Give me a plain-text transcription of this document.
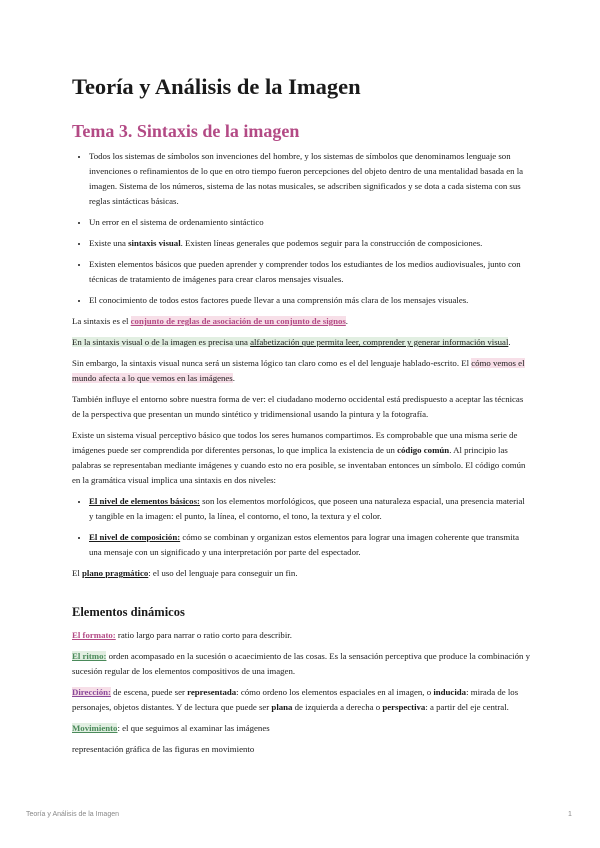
Teoría y Análisis de la Imagen
Tema 3. Sintaxis de la imagen
• Todos los sistemas de símbolos son invenciones del hombre, y los sistemas de símbolos que denominamos lenguaje son invenciones o refinamientos de lo que en otro tiempo fueron percepciones del objeto dentro de una mentalidad basada en la imagen. Sistema de los números, sistema de las notas musicales, se adscriben significados y se dota a cada sistema con sus reglas sintácticas básicas.
• Un error en el sistema de ordenamiento sintáctico
• Existe una sintaxis visual. Existen líneas generales que podemos seguir para la construcción de composiciones.
• Existen elementos básicos que pueden aprender y comprender todos los estudiantes de los medios audiovisuales, junto con técnicas de tratamiento de imágenes para crear claros mensajes visuales.
• El conocimiento de todos estos factores puede llevar a una comprensión más clara de los mensajes visuales.

La sintaxis es el conjunto de reglas de asociación de un conjunto de signos.

En la sintaxis visual o de la imagen es precisa una alfabetización que permita leer, comprender y generar información visual.

Sin embargo, la sintaxis visual nunca será un sistema lógico tan claro como es el del lenguaje hablado-escrito. El cómo vemos el mundo afecta a lo que vemos en las imágenes.

También influye el entorno sobre nuestra forma de ver: el ciudadano moderno occidental está predispuesto a aceptar las técnicas de la perspectiva que presentan un mundo sintético y tridimensional usando la pintura y la fotografía.

Existe un sistema visual perceptivo básico que todos los seres humanos compartimos. Es comprobable que una misma serie de imágenes puede ser comprendida por diferentes personas, lo que implica la existencia de un código común. Al principio las palabras se representaban mediante imágenes y cuando esto no era posible, se inventaban entonces un símbolo. El código común en la gramática visual implica una sintaxis en dos niveles:

• El nivel de elementos básicos: son los elementos morfológicos, que poseen una naturaleza espacial, una presencia material y tangible en la imagen: el punto, la línea, el contorno, el tono, la textura y el color.
• El nivel de composición: cómo se combinan y organizan estos elementos para lograr una imagen coherente que transmita una mensaje con un significado y una interpretación por parte del espectador.

El plano pragmático: el uso del lenguaje para conseguir un fin.

Elementos dinámicos

El formato: ratio largo para narrar o ratio corto para describir.

El ritmo: orden acompasado en la sucesión o acaecimiento de las cosas. Es la sensación perceptiva que produce la combinación y sucesión regular de los elementos compositivos de una imagen.

Dirección: de escena, puede ser representada: cómo ordeno los elementos espaciales en al imagen, o inducida: mirada de los personajes, objetos distantes. Y de lectura que puede ser plana de izquierda a derecha o perspectiva: a partir del eje central.

Movimiento: el que seguimos al examinar las imágenes

representación gráfica de las figuras en movimiento

Teoría y Análisis de la Imagen	1
